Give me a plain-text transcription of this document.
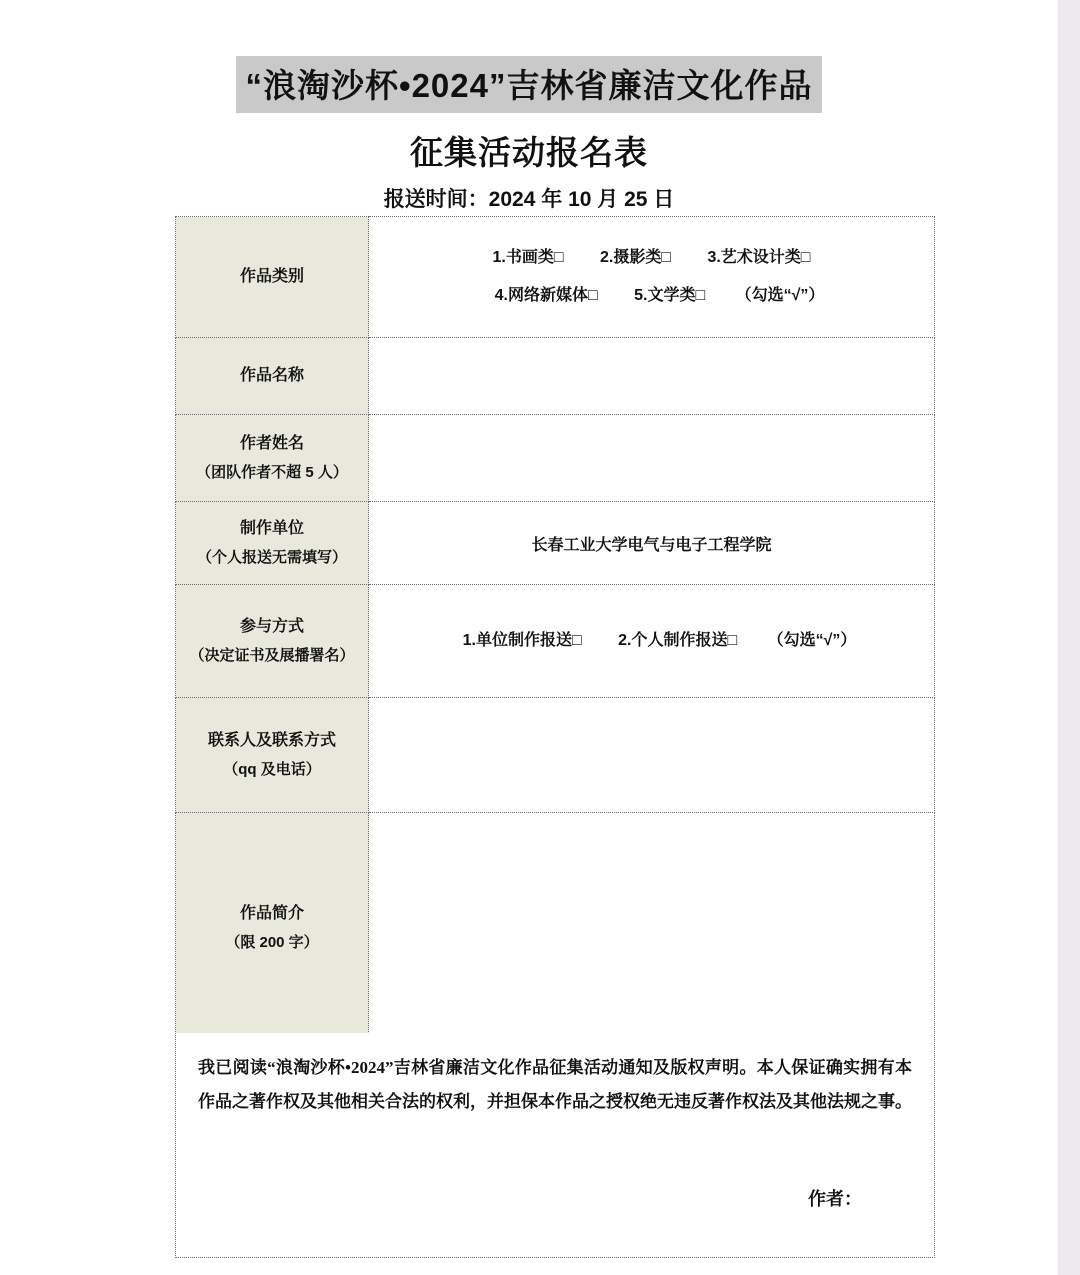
“浪淘沙杯•2024”吉林省廉洁文化作品
征集活动报名表
报送时间：2024 年 10 月 25 日
作品类别	1.书画类□ 2.摄影类□ 3.艺术设计类□
4.网络新媒体□ 5.文学类□ （勾选“√”）

作品名称	

作者姓名
（团队作者不超 5 人）	

制作单位
（个人报送无需填写）	长春工业大学电气与电子工程学院

参与方式
（决定证书及展播署名）	1.单位制作报送□ 2.个人制作报送□ （勾选“√”）

联系人及联系方式
（qq 及电话）	

作品简介
（限 200 字）	

我已阅读“浪淘沙杯•2024”吉林省廉洁文化作品征集活动通知及版权声明。本人保证确实拥有本作品之著作权及其他相关合法的权利，并担保本作品之授权绝无违反著作权法及其他法规之事。
作者：
